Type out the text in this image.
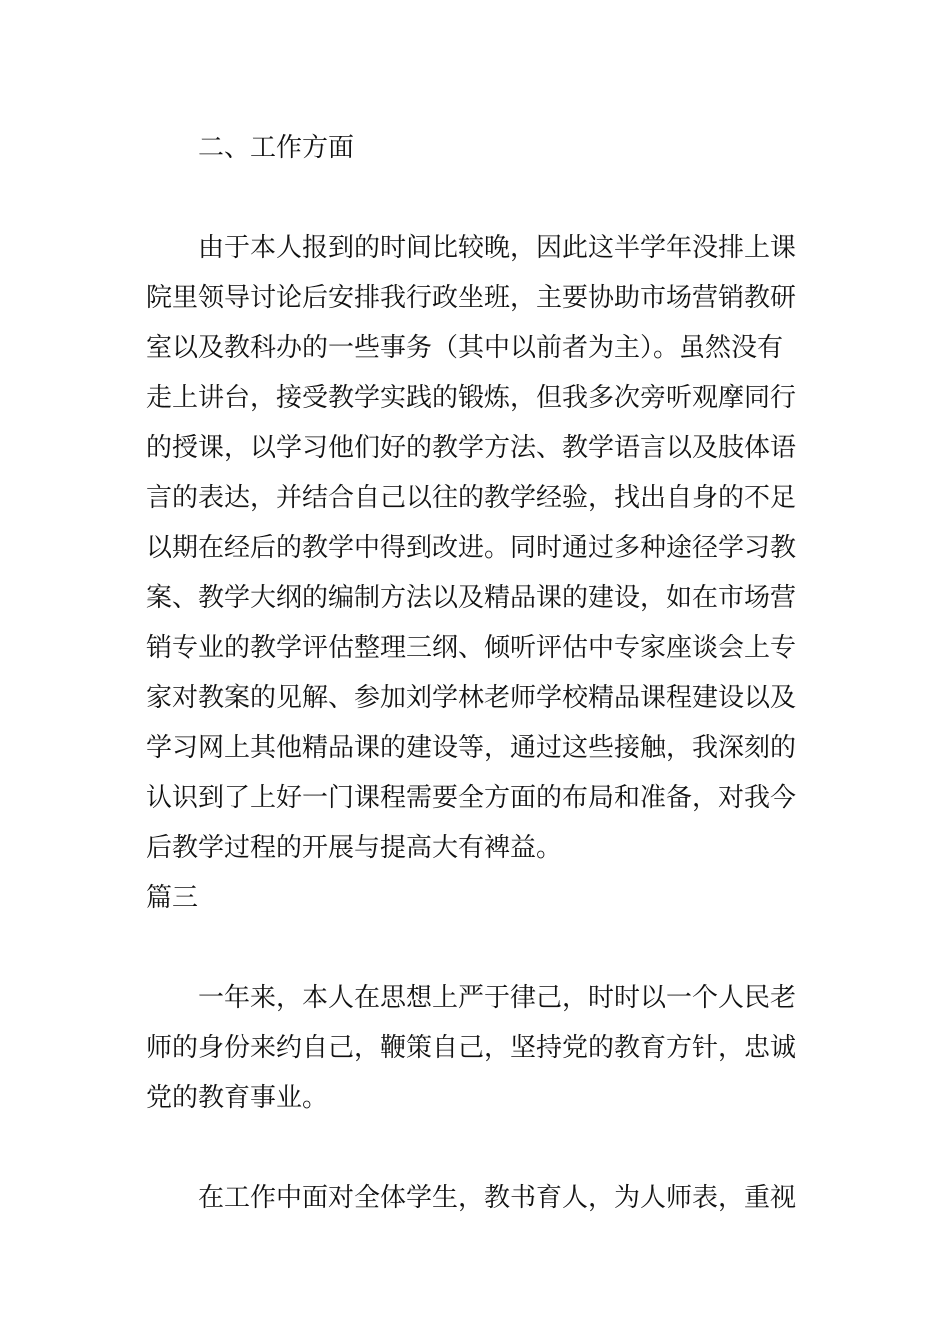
二、工作方面
由于本人报到的时间比较晚，因此这半学年没排上课
院里领导讨论后安排我行政坐班，主要协助市场营销教研
室以及教科办的一些事务（其中以前者为主）。虽然没有
走上讲台，接受教学实践的锻炼，但我多次旁听观摩同行
的授课，以学习他们好的教学方法、教学语言以及肢体语
言的表达，并结合自己以往的教学经验，找出自身的不足
以期在经后的教学中得到改进。同时通过多种途径学习教
案、教学大纲的编制方法以及精品课的建设，如在市场营
销专业的教学评估整理三纲、倾听评估中专家座谈会上专
家对教案的见解、参加刘学林老师学校精品课程建设以及
学习网上其他精品课的建设等，通过这些接触，我深刻的
认识到了上好一门课程需要全方面的布局和准备，对我今
后教学过程的开展与提高大有裨益。
篇三
一年来，本人在思想上严于律己，时时以一个人民老
师的身份来约自己，鞭策自己，坚持党的教育方针，忠诚
党的教育事业。
在工作中面对全体学生，教书育人，为人师表，重视
